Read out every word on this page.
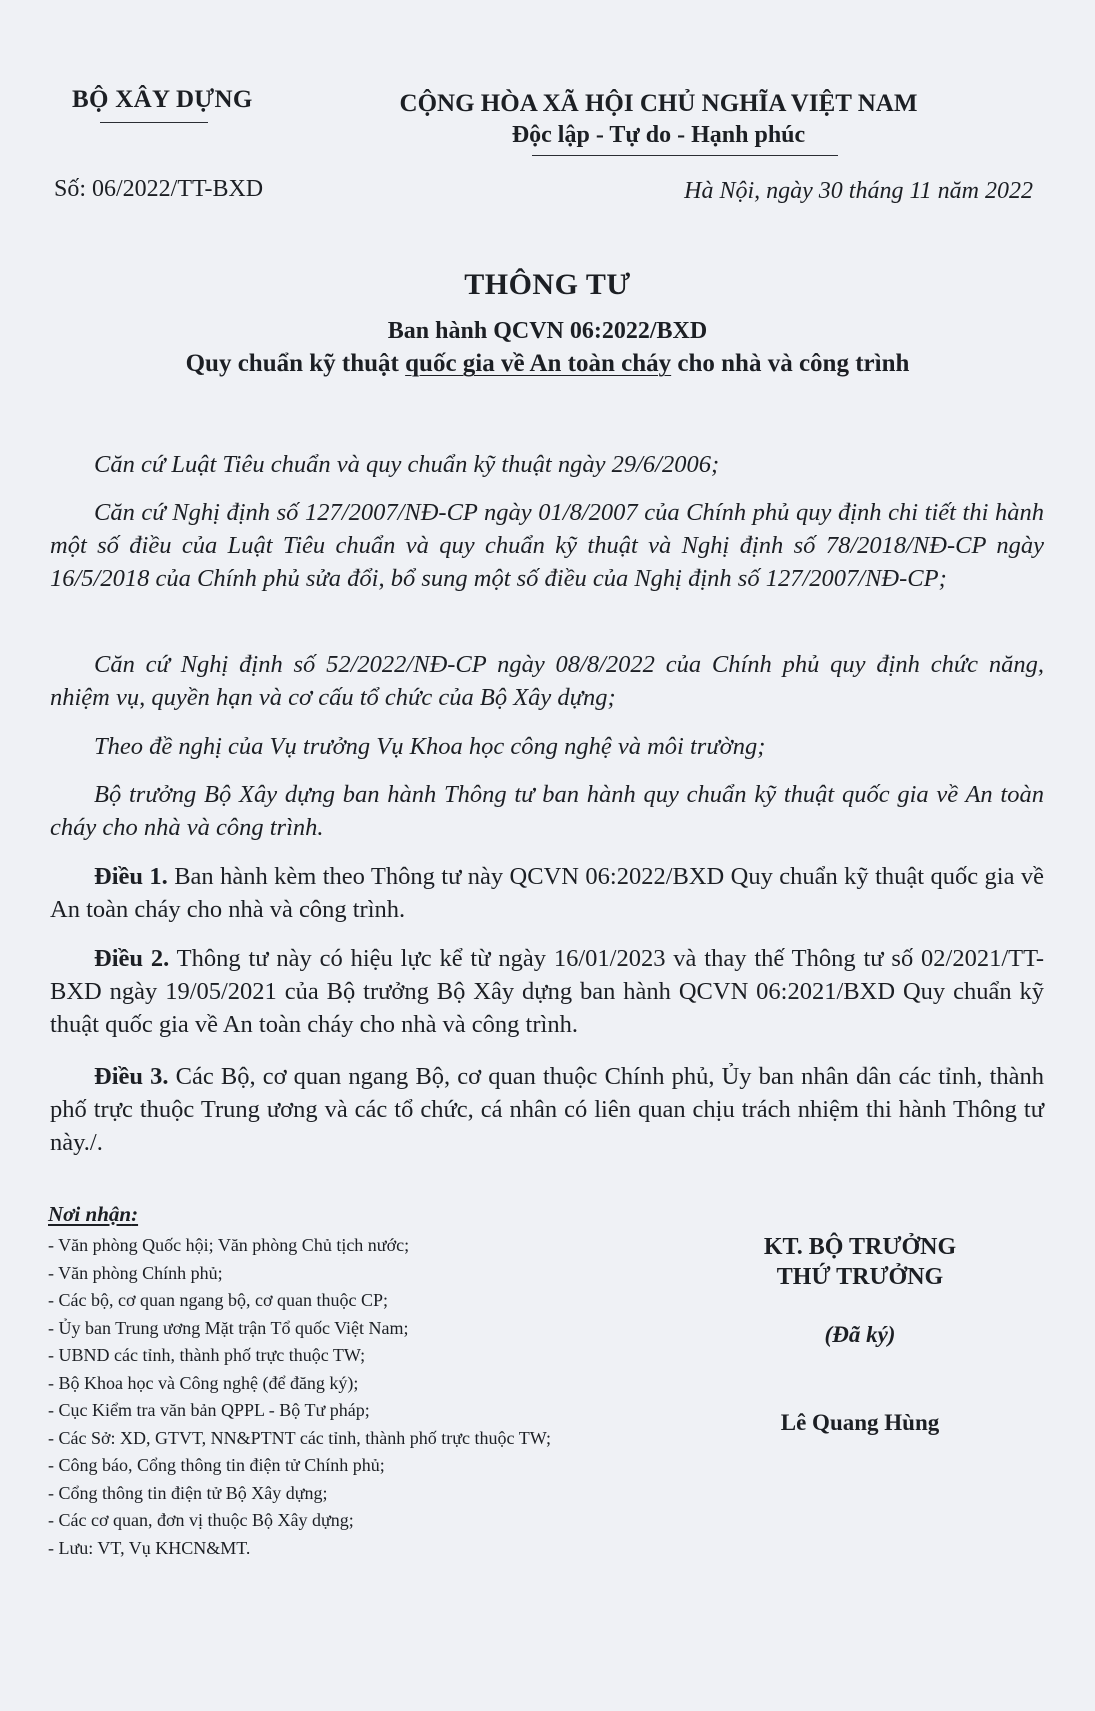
BỘ XÂY DỰNG	CỘNG HÒA XÃ HỘI CHỦ NGHĨA VIỆT NAM
Độc lập - Tự do - Hạnh phúc
Số: 06/2022/TT-BXD	Hà Nội, ngày 30 tháng 11 năm 2022
THÔNG TƯ
Ban hành QCVN 06:2022/BXD
Quy chuẩn kỹ thuật quốc gia về An toàn cháy cho nhà và công trình
Căn cứ Luật Tiêu chuẩn và quy chuẩn kỹ thuật ngày 29/6/2006;
Căn cứ Nghị định số 127/2007/NĐ-CP ngày 01/8/2007 của Chính phủ quy định chi tiết thi hành một số điều của Luật Tiêu chuẩn và quy chuẩn kỹ thuật và Nghị định số 78/2018/NĐ-CP ngày 16/5/2018 của Chính phủ sửa đổi, bổ sung một số điều của Nghị định số 127/2007/NĐ-CP;
Căn cứ Nghị định số 52/2022/NĐ-CP ngày 08/8/2022 của Chính phủ quy định chức năng, nhiệm vụ, quyền hạn và cơ cấu tổ chức của Bộ Xây dựng;
Theo đề nghị của Vụ trưởng Vụ Khoa học công nghệ và môi trường;
Bộ trưởng Bộ Xây dựng ban hành Thông tư ban hành quy chuẩn kỹ thuật quốc gia về An toàn cháy cho nhà và công trình.
Điều 1. Ban hành kèm theo Thông tư này QCVN 06:2022/BXD Quy chuẩn kỹ thuật quốc gia về An toàn cháy cho nhà và công trình.
Điều 2. Thông tư này có hiệu lực kể từ ngày 16/01/2023 và thay thế Thông tư số 02/2021/TT-BXD ngày 19/05/2021 của Bộ trưởng Bộ Xây dựng ban hành QCVN 06:2021/BXD Quy chuẩn kỹ thuật quốc gia về An toàn cháy cho nhà và công trình.
Điều 3. Các Bộ, cơ quan ngang Bộ, cơ quan thuộc Chính phủ, Ủy ban nhân dân các tỉnh, thành phố trực thuộc Trung ương và các tổ chức, cá nhân có liên quan chịu trách nhiệm thi hành Thông tư này./.
Nơi nhận:
- Văn phòng Quốc hội; Văn phòng Chủ tịch nước;
- Văn phòng Chính phủ;
- Các bộ, cơ quan ngang bộ, cơ quan thuộc CP;
- Ủy ban Trung ương Mặt trận Tổ quốc Việt Nam;
- UBND các tỉnh, thành phố trực thuộc TW;
- Bộ Khoa học và Công nghệ (để đăng ký);
- Cục Kiểm tra văn bản QPPL - Bộ Tư pháp;
- Các Sở: XD, GTVT, NN&PTNT các tỉnh, thành phố trực thuộc TW;
- Công báo, Cổng thông tin điện tử Chính phủ;
- Cổng thông tin điện tử Bộ Xây dựng;
- Các cơ quan, đơn vị thuộc Bộ Xây dựng;
- Lưu: VT, Vụ KHCN&MT.
KT. BỘ TRƯỞNG
THỨ TRƯỞNG
(Đã ký)
Lê Quang Hùng
